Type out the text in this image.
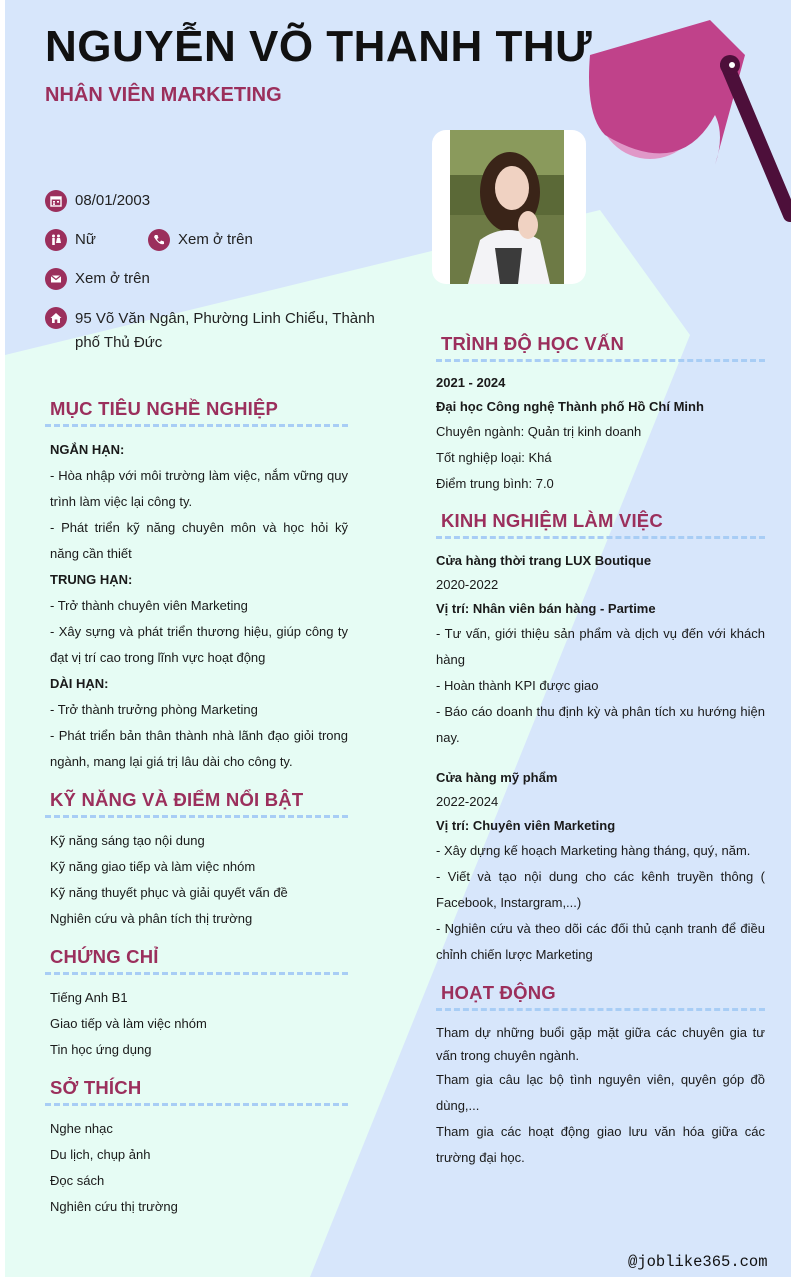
NGUYỄN VÕ THANH THƯ
NHÂN VIÊN MARKETING
08/01/2003
Nữ	Xem ở trên
Xem ở trên
95 Võ Văn Ngân, Phường Linh Chiểu, Thành phố Thủ Đức
MỤC TIÊU NGHỀ NGHIỆP

NGẮN HẠN:

- Hòa nhập với môi trường làm việc, nắm vững quy trình làm việc lại công ty.

- Phát triển kỹ năng chuyên môn và học hỏi kỹ năng cần thiết

TRUNG HẠN:

- Trở thành chuyên viên Marketing

- Xây sựng và phát triển thương hiệu, giúp công ty đạt vị trí cao trong lĩnh vực hoạt động

DÀI HẠN:

- Trở thành trưởng phòng Marketing

- Phát triển bản thân thành nhà lãnh đạo giỏi trong ngành, mang lại giá trị lâu dài cho công ty.

KỸ NĂNG VÀ ĐIỂM NỔI BẬT

Kỹ năng sáng tạo nội dung

Kỹ năng giao tiếp và làm việc nhóm

Kỹ năng thuyết phục và giải quyết vấn đề

Nghiên cứu và phân tích thị trường

CHỨNG CHỈ

Tiếng Anh B1

Giao tiếp và làm việc nhóm

Tin học ứng dụng

SỞ THÍCH

Nghe nhạc

Du lịch, chụp ảnh

Đọc sách

Nghiên cứu thị trường

TRÌNH ĐỘ HỌC VẤN

2021 - 2024

Đại học Công nghệ Thành phố Hồ Chí Minh

Chuyên ngành: Quản trị kinh doanh

Tốt nghiệp loại: Khá

Điểm trung bình: 7.0

KINH NGHIỆM LÀM VIỆC

Cửa hàng thời trang LUX Boutique

2020-2022

Vị trí: Nhân viên bán hàng - Partime

- Tư vấn, giới thiệu sản phẩm và dịch vụ đến với khách hàng

- Hoàn thành KPI được giao

- Báo cáo doanh thu định kỳ và phân tích xu hướng hiện nay.

Cửa hàng mỹ phẩm

2022-2024

Vị trí: Chuyên viên Marketing

- Xây dựng kế hoạch Marketing hàng tháng, quý, năm.

- Viết và tạo nội dung cho các kênh truyền thông ( Facebook, Instargram,...)

- Nghiên cứu và theo dõi các đối thủ cạnh tranh để điều chỉnh chiến lược Marketing

HOẠT ĐỘNG

Tham dự những buổi gặp mặt giữa các chuyên gia tư vấn trong chuyên ngành.

Tham gia câu lạc bộ tình nguyên viên, quyên góp đồ dùng,...

Tham gia các hoạt động giao lưu văn hóa giữa các trường đại học.

@joblike365.com
